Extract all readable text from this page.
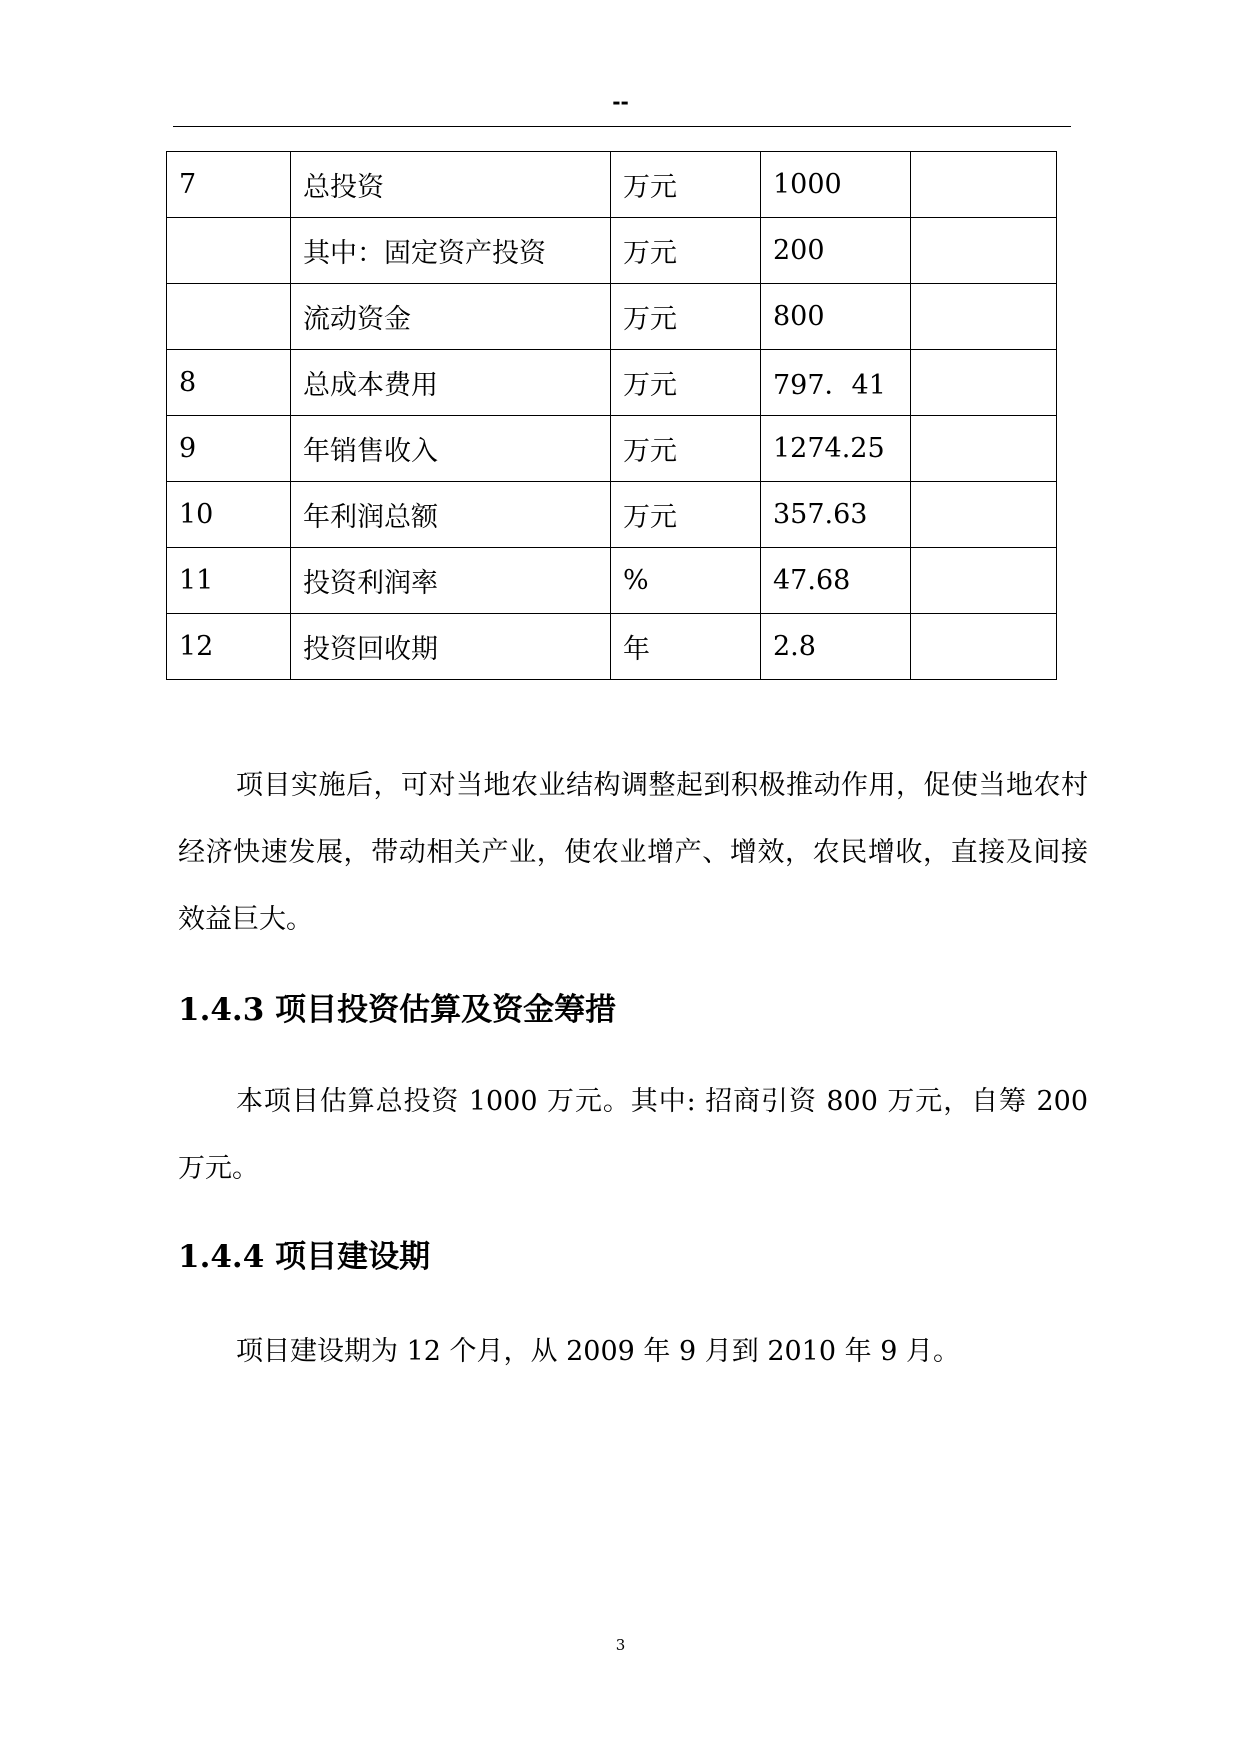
--
7	总投资	万元	1000	
	其中：固定资产投资	万元	200	
	流动资金	万元	800	
8	总成本费用	万元	797．41	
9	年销售收入	万元	1274.25	
10	年利润总额	万元	357.63	
11	投资利润率	%	47.68	
12	投资回收期	年	2.8	

项目实施后，可对当地农业结构调整起到积极推动作用，促使当地农村经济快速发展，带动相关产业，使农业增产、增效，农民增收，直接及间接效益巨大。

1.4.3 项目投资估算及资金筹措

本项目估算总投资 1000 万元。其中: 招商引资 800 万元，自筹 200 万元。

1.4.4 项目建设期

项目建设期为 12 个月，从 2009 年 9 月到 2010 年 9 月。

3
